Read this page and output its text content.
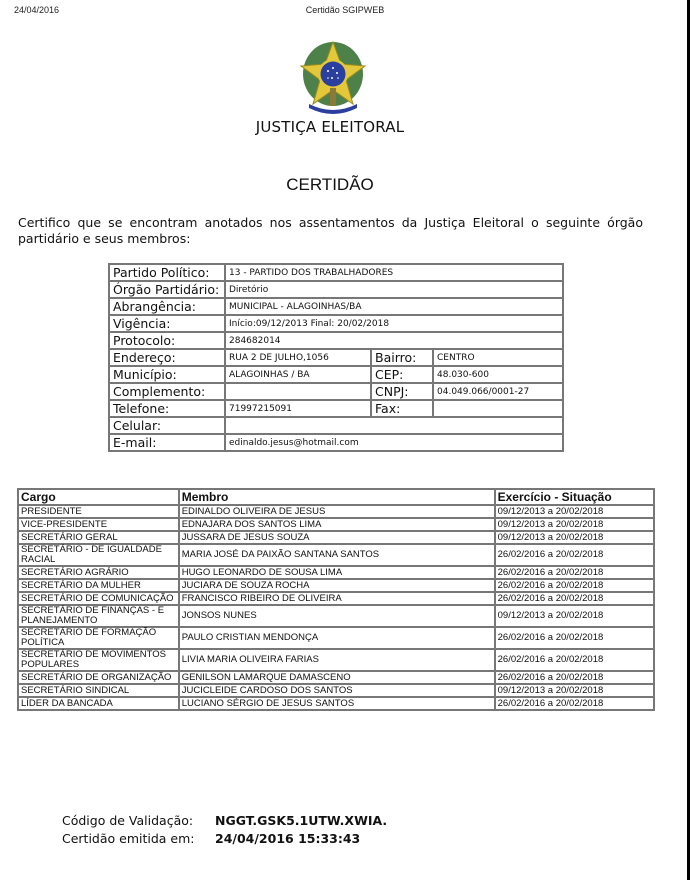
24/04/2016	Certidão SGIPWEB
JUSTIÇA ELEITORAL
CERTIDÃO
Certifico que se encontram anotados nos assentamentos da Justiça Eleitoral o seguinte órgão partidário e seus membros:
Partido Político:	13 - PARTIDO DOS TRABALHADORES		
Órgão Partidário:	Diretório		
Abrangência:	MUNICIPAL - ALAGOINHAS/BA		
Vigência:	Início:09/12/2013 Final: 20/02/2018		
Protocolo:	284682014		
Endereço:	RUA 2 DE JULHO,1056	Bairro:	CENTRO
Município:	ALAGOINHAS / BA	CEP:	48.030-600
Complemento:		CNPJ:	04.049.066/0001-27
Telefone:	71997215091	Fax:	
Celular:			
E-mail:	edinaldo.jesus@hotmail.com		
Cargo	Membro	Exercício - Situação
PRESIDENTE	EDINALDO OLIVEIRA DE JESUS	09/12/2013 a 20/02/2018
VICE-PRESIDENTE	EDNAJARA DOS SANTOS LIMA	09/12/2013 a 20/02/2018
SECRETÁRIO GERAL	JUSSARA DE JESUS SOUZA	09/12/2013 a 20/02/2018
SECRETÁRIO - DE IGUALDADE RACIAL	MARIA JOSÉ DA PAIXÃO SANTANA SANTOS	26/02/2016 a 20/02/2018
SECRETÁRIO AGRÁRIO	HUGO LEONARDO DE SOUSA LIMA	26/02/2016 a 20/02/2018
SECRETÁRIO DA MULHER	JUCIARA DE SOUZA ROCHA	26/02/2016 a 20/02/2018
SECRETÁRIO DE COMUNICAÇÃO	FRANCISCO RIBEIRO DE OLIVEIRA	26/02/2016 a 20/02/2018
SECRETÁRIO DE FINANÇAS - E PLANEJAMENTO	JONSOS NUNES	09/12/2013 a 20/02/2018
SECRETÁRIO DE FORMAÇÃO POLÍTICA	PAULO CRISTIAN MENDONÇA	26/02/2016 a 20/02/2018
SECRETÁRIO DE MOVIMENTOS POPULARES	LIVIA MARIA OLIVEIRA FARIAS	26/02/2016 a 20/02/2018
SECRETÁRIO DE ORGANIZAÇÃO	GENILSON LAMARQUE DAMASCENO	26/02/2016 a 20/02/2018
SECRETÁRIO SINDICAL	JUCICLEIDE CARDOSO DOS SANTOS	09/12/2013 a 20/02/2018
LÍDER DA BANCADA	LUCIANO SÉRGIO DE JESUS SANTOS	26/02/2016 a 20/02/2018
Código de Validação:	NGGT.GSK5.1UTW.XWIA.
Certidão emitida em:	24/04/2016 15:33:43
